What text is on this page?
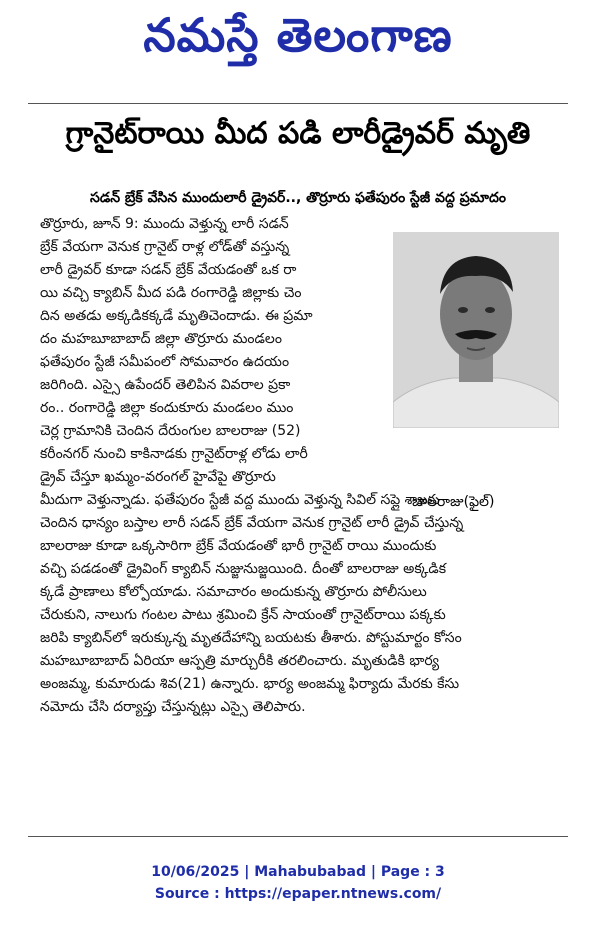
నమస్తే తెలంగాణ
గ్రానైట్‌రాయి మీద పడి లారీడ్రైవర్ మృతి
సడన్ బ్రేక్ వేసిన ముందులారీ డ్రైవర్.., తొర్రూరు ఫతేపురం స్టేజీ వద్ద ప్రమాదం
తొర్రూరు, జూన్ 9: ముందు వెళ్తున్న లారీ సడన్
బ్రేక్ వేయగా వెనుక గ్రానైట్ రాళ్ల లోడ్‌తో వస్తున్న
లారీ డ్రైవర్ కూడా సడన్ బ్రేక్ వేయడంతో ఒక రా
యి వచ్చి క్యాబిన్ మీద పడి రంగారెడ్డి జిల్లాకు చెం
దిన అతడు అక్కడికక్కడే మృతిచెందాడు. ఈ ప్రమా
దం మహబూబాబాద్ జిల్లా తొర్రూరు మండలం
ఫతేపురం స్టేజీ సమీపంలో సోమవారం ఉదయం
జరిగింది. ఎస్సై ఉపేందర్ తెలిపిన వివరాల ప్రకా
రం.. రంగారెడ్డి జిల్లా కందుకూరు మండలం ముం
చెర్ల గ్రామానికి చెందిన దేరుంగుల బాలరాజు (52)
కరీంనగర్ నుంచి కాకినాడకు గ్రానైట్‌రాళ్ల లోడు లారీ
డ్రైవ్ చేస్తూ ఖమ్మం-వరంగల్ హైవేపై తొర్రూరు
మీదుగా వెళ్తున్నాడు. ఫతేపురం స్టేజీ వద్ద ముందు వెళ్తున్న సివిల్ సప్లై శాఖకు
చెందిన ధాన్యం బస్తాల లారీ సడన్ బ్రేక్ వేయగా వెనుక గ్రానైట్ లారీ డ్రైవ్ చేస్తున్న
బాలరాజు కూడా ఒక్కసారిగా బ్రేక్ వేయడంతో భారీ గ్రానైట్ రాయి ముందుకు
వచ్చి పడడంతో డ్రైవింగ్ క్యాబిన్ నుజ్జునుజ్జయింది. దీంతో బాలరాజు అక్కడిక
క్కడే ప్రాణాలు కోల్పోయాడు. సమాచారం అందుకున్న తొర్రూరు పోలీసులు
చేరుకుని, నాలుగు గంటల పాటు శ్రమించి క్రేన్ సాయంతో గ్రానైట్‌రాయి పక్కకు
జరిపి క్యాబిన్‌లో ఇరుక్కున్న మృతదేహాన్ని బయటకు తీశారు. పోస్టుమార్టం కోసం
మహబూబాబాద్ ఏరియా ఆస్పత్రి మార్చురీకి తరలించారు. మృతుడికి భార్య
అంజమ్మ, కుమారుడు శివ(21) ఉన్నారు. భార్య అంజమ్మ ఫిర్యాదు మేరకు కేసు
నమోదు చేసి దర్యాప్తు చేస్తున్నట్లు ఎస్సై తెలిపారు.
బాలరాజు(ఫైల్)
10/06/2025 | Mahabubabad | Page : 3
Source : https://epaper.ntnews.com/
